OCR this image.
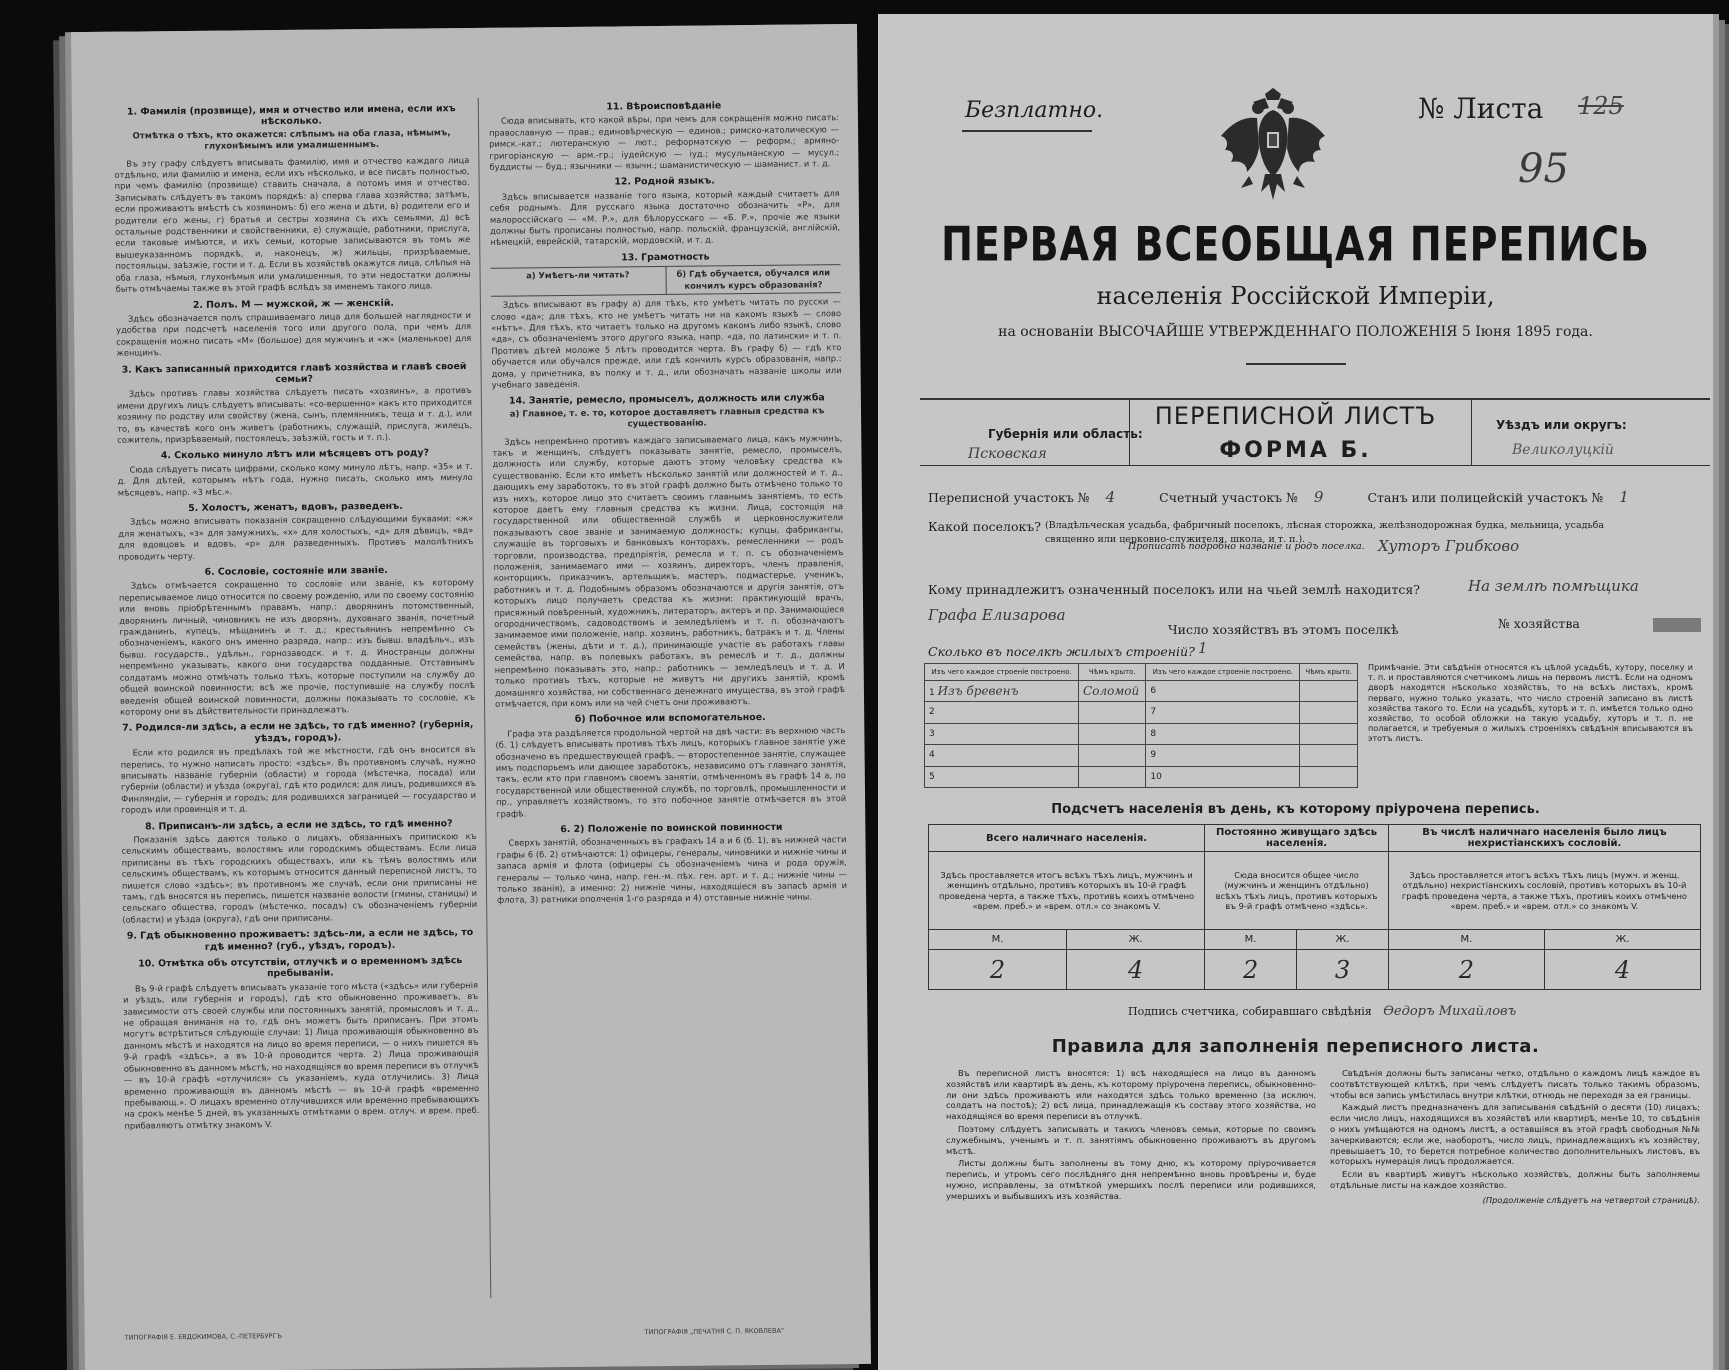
1. Фамилія (прозвище), имя и отчество или имена, если ихъ нѣсколько.
Отмѣтка о тѣхъ, кто окажется: слѣпымъ на оба глаза, нѣмымъ, глухонѣмымъ или умалишеннымъ.

Въ эту графу слѣдуетъ вписывать фамилію, имя и отчество каждаго лица отдѣльно, или фамилію и имена, если ихъ нѣсколько, и все писать полностью, при чемъ фамилію (прозвище) ставить сначала, а потомъ имя и отчество. Записывать слѣдуетъ въ такомъ порядкѣ: а) сперва глава хозяйства; затѣмъ, если проживаютъ вмѣстѣ съ хозяиномъ: б) его жена и дѣти, в) родители его и родители его жены, г) братья и сестры хозяина съ ихъ семьями, д) всѣ остальные родственники и свойственники, е) служащіе, работники, прислуга, если таковые имѣются, и ихъ семьи, которые записываются въ томъ же вышеуказанномъ порядкѣ, и, наконецъ, ж) жильцы, призрѣваемые, постояльцы, заѣзжіе, гости и т. д. Если въ хозяйствѣ окажутся лица, слѣпыя на оба глаза, нѣмыя, глухонѣмыя или умалишенныя, то эти недостатки должны быть отмѣчаемы также въ этой графѣ вслѣдъ за именемъ такого лица.

2. Полъ. М — мужской, ж — женскій.

Здѣсь обозначается полъ спрашиваемаго лица для большей наглядности и удобства при подсчетѣ населенія того или другого пола, при чемъ для сокращенія можно писать «М» (большое) для мужчинъ и «ж» (маленькое) для женщинъ.

3. Какъ записанный приходится главѣ хозяйства и главѣ своей семьи?

Здѣсь противъ главы хозяйства слѣдуетъ писать «хозяинъ», а противъ имени другихъ лицъ слѣдуетъ вписывать: «со-вершенно» какъ кто приходится хозяину по родству или свойству (жена, сынъ, племянникъ, теща и т. д.), или то, въ качествѣ кого онъ живетъ (работникъ, служащій, прислуга, жилецъ, сожитель, призрѣваемый, постоялецъ, заѣзжій, гость и т. п.).

4. Сколько минуло лѣтъ или мѣсяцевъ отъ роду?

Сюда слѣдуетъ писать цифрами, сколько кому минуло лѣтъ, напр. «35» и т. д. Для дѣтей, которымъ нѣтъ года, нужно писать, сколько имъ минуло мѣсяцевъ, напр. «3 мѣс.».

5. Холостъ, женатъ, вдовъ, разведенъ.

Здѣсь можно вписывать показанія сокращенно слѣдующими буквами: «ж» для женатыхъ, «з» для замужнихъ, «х» для холостыхъ, «д» для дѣвицъ, «вд» для вдовцовъ и вдовъ, «р» для разведенныхъ. Противъ малолѣтнихъ проводить черту.

6. Сословіе, состояніе или званіе.

Здѣсь отмѣчается сокращенно то сословіе или званіе, къ которому переписываемое лицо относится по своему рожденію, или по своему состоянію или вновь пріобрѣтеннымъ правамъ, напр.: дворянинъ потомственный, дворянинъ личный, чиновникъ не изъ дворянъ, духовнаго званія, почетный гражданинъ, купецъ, мѣщанинъ и т. д.; крестьянинъ непремѣнно съ обозначеніемъ, какого онъ именно разряда, напр.: изъ бывш. владѣльч., изъ бывш. государств., удѣльн., горнозаводск. и т. д. Иностранцы должны непремѣнно указывать, какого они государства подданные. Отставнымъ солдатамъ можно отмѣчать только тѣхъ, которые поступили на службу до общей воинской повинности; всѣ же прочіе, поступившіе на службу послѣ введенія общей воинской повинности, должны показывать то сословіе, къ которому они въ дѣйствительности принадлежатъ.

7. Родился-ли здѣсь, а если не здѣсь, то гдѣ именно? (губернія, уѣздъ, городъ).

Если кто родился въ предѣлахъ той же мѣстности, гдѣ онъ вносится въ перепись, то нужно написать просто: «здѣсь». Въ противномъ случаѣ, нужно вписывать названіе губерніи (области) и города (мѣстечка, посада) или губерніи (области) и уѣзда (округа), гдѣ кто родился; для лицъ, родившихся въ Финляндіи, — губернія и городъ; для родившихся заграницей — государство и городъ или провинція и т. д.

8. Приписанъ-ли здѣсь, а если не здѣсь, то гдѣ именно?

Показанія здѣсь даются только о лицахъ, обязанныхъ припискою къ сельскимъ обществамъ, волостямъ или городскимъ обществамъ. Если лица приписаны въ тѣхъ городскихъ обществахъ, или къ тѣмъ волостямъ или сельскимъ обществамъ, къ которымъ относится данный переписной листъ, то пишется слово «здѣсь»; въ противномъ же случаѣ, если они приписаны не тамъ, гдѣ вносятся въ перепись, пишется названіе волости (гмины, станицы) и сельскаго общества, городъ (мѣстечко, посадъ) съ обозначеніемъ губерніи (области) и уѣзда (округа), гдѣ они приписаны.

9. Гдѣ обыкновенно проживаетъ: здѣсь-ли, а если не здѣсь, то гдѣ именно? (губ., уѣздъ, городъ).
10. Отмѣтка объ отсутствіи, отлучкѣ и о временномъ здѣсь пребываніи.

Въ 9-й графѣ слѣдуетъ вписывать указаніе того мѣста («здѣсь» или губернія и уѣздъ, или губернія и городъ), гдѣ кто обыкновенно проживаетъ, въ зависимости отъ своей службы или постоянныхъ занятій, промысловъ и т. д., не обращая вниманія на то, гдѣ онъ можетъ быть приписанъ. При этомъ могутъ встрѣтиться слѣдующіе случаи: 1) Лица проживающія обыкновенно въ данномъ мѣстѣ и находятся на лицо во время переписи, — о нихъ пишется въ 9-й графѣ «здѣсь», а въ 10-й проводится черта. 2) Лица проживающія обыкновенно въ данномъ мѣстѣ, но находящіяся во время переписи въ отлучкѣ — въ 10-й графѣ «отлучился» съ указаніемъ, куда отлучились. 3) Лица временно проживающія въ данномъ мѣстѣ — въ 10-й графѣ «временно пребывающ.». О лицахъ временно отлучившихся или временно пребывающихъ на срокъ менѣе 5 дней, въ указанныхъ отмѣтками о врем. отлуч. и врем. преб. прибавляютъ отмѣтку знакомъ V.

11. Вѣроисповѣданіе

Сюда вписывать, кто какой вѣры, при чемъ для сокращенія можно писать: православную — прав.; единовѣрческую — единов.; римско-католическую — римск.-кат.; лютеранскую — лют.; реформатскую — реформ.; армяно-григоріанскую — арм.-гр.; іудейскую — іуд.; мусульманскую — мусул.; буддисты — буд.; язычники — язычн.; шаманистическую — шаманист. и т. д.

12. Родной языкъ.

Здѣсь вписывается названіе того языка, который каждый считаетъ для себя роднымъ. Для русскаго языка достаточно обозначить «Р», для малороссійскаго — «М. Р.», для бѣлорусскаго — «Б. Р.», прочіе же языки должны быть прописаны полностью, напр. польскій, французскій, англійскій, нѣмецкій, еврейскій, татарскій, мордовскій, и т. д.

13. Грамотность
а) Умѣетъ-ли читать?	б) Гдѣ обучается, обучался или кончилъ курсъ образованія?

Здѣсь вписывают въ графу а) для тѣхъ, кто умѣетъ читать по русски — слово «да»; для тѣхъ, кто не умѣетъ читать ни на какомъ языкѣ — слово «нѣтъ». Для тѣхъ, кто читаетъ только на другомъ какомъ либо языкѣ, слово «да», съ обозначеніемъ этого другого языка, напр. «да, по латински» и т. п. Противъ дѣтей моложе 5 лѣтъ проводится черта. Въ графу б) — гдѣ кто обучается или обучался прежде, или гдѣ кончилъ курсъ образованія, напр.: дома, у причетника, въ полку и т. д., или обозначать названіе школы или учебнаго заведенія.

14. Занятіе, ремесло, промыселъ, должность или служба
а) Главное, т. е. то, которое доставляетъ главныя средства къ существованію.

Здѣсь непремѣнно противъ каждаго записываемаго лица, какъ мужчинъ, такъ и женщинъ, слѣдуетъ показывать занятіе, ремесло, промыселъ, должность или службу, которые даютъ этому человѣку средства къ существованію. Если кто имѣетъ нѣсколько занятій или должностей и т. д., дающихъ ему заработокъ, то въ этой графѣ должно быть отмѣчено только то изъ нихъ, которое лицо это считаетъ своимъ главнымъ занятіемъ, то есть которое даетъ ему главныя средства къ жизни. Лица, состоящія на государственной или общественной службѣ и церковнослужители показываютъ свое званіе и занимаемую должность; купцы, фабриканты, служащіе въ торговыхъ и банковыхъ конторахъ, ремесленники — родъ торговли, производства, предпріятія, ремесла и т. п. съ обозначеніемъ положенія, занимаемаго ими — хозяинъ, директоръ, членъ правленія, конторщикъ, приказчикъ, артельщикъ, мастеръ, подмастерье, ученикъ, работникъ и т. д. Подобнымъ образомъ обозначаются и другія занятія, отъ которыхъ лицо получаетъ средства къ жизни: практикующій врачъ, присяжный повѣренный, художникъ, литераторъ, актеръ и пр. Занимающіеся огородничествомъ, садоводствомъ и земледѣліемъ и т. п. обозначаютъ занимаемое ими положеніе, напр. хозяинъ, работникъ, батракъ и т. д. Члены семействъ (жены, дѣти и т. д.), принимающіе участіе въ работахъ главы семейства, напр. въ полевыхъ работахъ, въ ремеслѣ и т. д., должны непремѣнно показывать это, напр.: работникъ — земледѣлецъ и т. д. И только противъ тѣхъ, которые не живутъ ни другихъ занятій, кромѣ домашняго хозяйства, ни собственнаго денежнаго имущества, въ этой графѣ отмѣчается, при комъ или на чей счетъ они проживаютъ.

б) Побочное или вспомогательное.

Графа эта раздѣляется продольной чертой на двѣ части: въ верхнюю часть (б. 1) слѣдуетъ вписывать противъ тѣхъ лицъ, которыхъ главное занятіе уже обозначено въ предшествующей графѣ, — второстепенное занятіе, служащее имъ подспорьемъ или дающее заработокъ, независимо отъ главнаго занятія, такъ, если кто при главномъ своемъ занятіи, отмѣченномъ въ графѣ 14 а, по государственной или общественной службѣ, по торговлѣ, промышленности и пр., управляетъ хозяйствомъ, то это побочное занятіе отмѣчается въ этой графѣ.

6. 2) Положеніе по воинской повинности

Сверхъ занятій, обозначенныхъ въ графахъ 14 а и 6 (б. 1), въ нижней части графы 6 (б. 2) отмѣчаются: 1) офицеры, генералы, чиновники и нижніе чины и запаса армія и флота (офицеры съ обозначеніемъ чина и рода оружія, генералы — только чина, напр. ген.-м. пѣх. ген. арт. и т. д.; нижніе чины — только званія), а именно: 2) нижніе чины, находящіеся въ запасѣ армія и флота, 3) ратники ополченія 1-го разряда и 4) отставные нижніе чины.

ТИПОГРАФІЯ Е. ЕВДОКИМОВА, С.-ПЕТЕРБУРГЪ
ТИПОГРАФІЯ „ПЕЧАТНЯ С. П. ЯКОВЛЕВА“
Безплатно.	№ Листа 125
95
ПЕРВАЯ ВСЕОБЩАЯ ПЕРЕПИСЬ
населенія Россійской Имперіи,
на основаніи ВЫСОЧАЙШЕ УТВЕРЖДЕННАГО ПОЛОЖЕНІЯ 5 Іюня 1895 года.
Губернія или область:
Псковская
ПЕРЕПИСНОЙ ЛИСТЪ
ФОРМА Б.
Уѣздъ или округъ:
Великолуцкій
Переписной участокъ № 4	Счетный участокъ № 9	Станъ или полицейскій участокъ № 1
Какой поселокъ? (Владѣльческая усадьба, фабричный поселокъ, лѣсная сторожка, желѣзнодорожная будка, мельница, усадьба священно или церковно-служителя, школа, и т. п.).
Прописать подробно названіе и родъ поселка. Хуторъ Грибково
Кому принадлежитъ означенный поселокъ или на чьей землѣ находится?	На землѣ помѣщика
Графа Елизарова
Число хозяйствъ въ этомъ поселкѣ	№ хозяйства
Сколько въ поселкѣ жилыхъ строеній? 1
Изъ чего каждое строеніе построено.	Чѣмъ крыто.	Изъ чего каждое строеніе построено.	Чѣмъ крыто.
1 Изъ бревенъ	Соломой	6	
2		7	
3		8	
4		9	
5		10	
Примѣчаніе. Эти свѣдѣнія относятся къ цѣлой усадьбѣ, хутору, поселку и т. п. и проставляются счетчикомъ лишь на первомъ листѣ. Если на одномъ дворѣ находятся нѣсколько хозяйствъ, то на всѣхъ листахъ, кромѣ перваго, нужно только указать, что число строеній записано въ листѣ хозяйства такого то. Если на усадьбѣ, хуторѣ и т. п. имѣется только одно хозяйство, то особой обложки на такую усадьбу, хуторъ и т. п. не полагается, и требуемыя о жилыхъ строеніяхъ свѣдѣнія вписываются въ этотъ листъ.
Подсчетъ населенія въ день, къ которому пріурочена перепись.
Всего наличнаго населенія.		Постоянно живущаго здѣсь населенія.		Въ числѣ наличнаго населенія было лицъ нехристіанскихъ сословій.	
Здѣсь проставляется итогъ всѣхъ тѣхъ лицъ, мужчинъ и женщинъ отдѣльно, противъ которыхъ въ 10-й графѣ проведена черта, а также тѣхъ, противъ коихъ отмѣчено «врем. преб.» и «врем. отл.» со знакомъ V.		Сюда вносится общее число (мужчинъ и женщинъ отдѣльно) всѣхъ тѣхъ лицъ, противъ которыхъ въ 9-й графѣ отмѣчено «здѣсь».		Здѣсь проставляется итогъ всѣхъ тѣхъ лицъ (мужч. и женщ. отдѣльно) нехристіанскихъ сословій, противъ которыхъ въ 10-й графѣ проведена черта, а также тѣхъ, противъ коихъ отмѣчено «врем. преб.» и «врем. отл.» со знакомъ V.	
М.	Ж.	М.	Ж.	М.	Ж.
2	4	2	3	2	4
Подпись счетчика, собиравшаго свѣдѣнія Ѳедоръ Михайловъ
Правила для заполненія переписного листа.

Въ переписной листъ вносятся: 1) всѣ находящіеся на лицо въ данномъ хозяйствѣ или квартирѣ въ день, къ которому пріурочена перепись, обыкновенно-ли они здѣсь проживаютъ или находятся здѣсь только временно (за исключ. солдатъ на постоѣ); 2) всѣ лица, принадлежащія къ составу этого хозяйства, но находящіяся во время переписи въ отлучкѣ.

Поэтому слѣдуетъ записывать и такихъ членовъ семьи, которые по своимъ служебнымъ, ученымъ и т. п. занятіямъ обыкновенно проживаютъ въ другомъ мѣстѣ.

Листы должны быть заполнены въ тому дню, къ которому пріурочивается перепись, и утромъ сего послѣдняго дня непремѣнно вновь провѣрены и, буде нужно, исправлены, за отмѣткой умершихъ послѣ переписи или родившихся, умершихъ и выбывшихъ изъ хозяйства.

Свѣдѣнія должны быть записаны четко, отдѣльно о каждомъ лицѣ каждое въ соотвѣтствующей клѣткѣ, при чемъ слѣдуетъ писать только такимъ образомъ, чтобы вся запись умѣстилась внутри клѣтки, отнюдь не переходя за ея границы.

Каждый листъ предназначенъ для записыванія свѣдѣній о десяти (10) лицахъ; если число лицъ, находящихся въ хозяйствѣ или квартирѣ, менѣе 10, то свѣдѣнія о нихъ умѣщаются на одномъ листѣ, а оставшіяся въ этой графѣ свободныя №№ зачеркиваются; если же, наоборотъ, число лицъ, принадлежащихъ къ хозяйству, превышаетъ 10, то берется потребное количество дополнительныхъ листовъ, въ которыхъ нумерація лицъ продолжается.

Если въ квартирѣ живутъ нѣсколько хозяйствъ, должны быть заполняемы отдѣльные листы на каждое хозяйство.

(Продолженіе слѣдуетъ на четвертой страницѣ).
